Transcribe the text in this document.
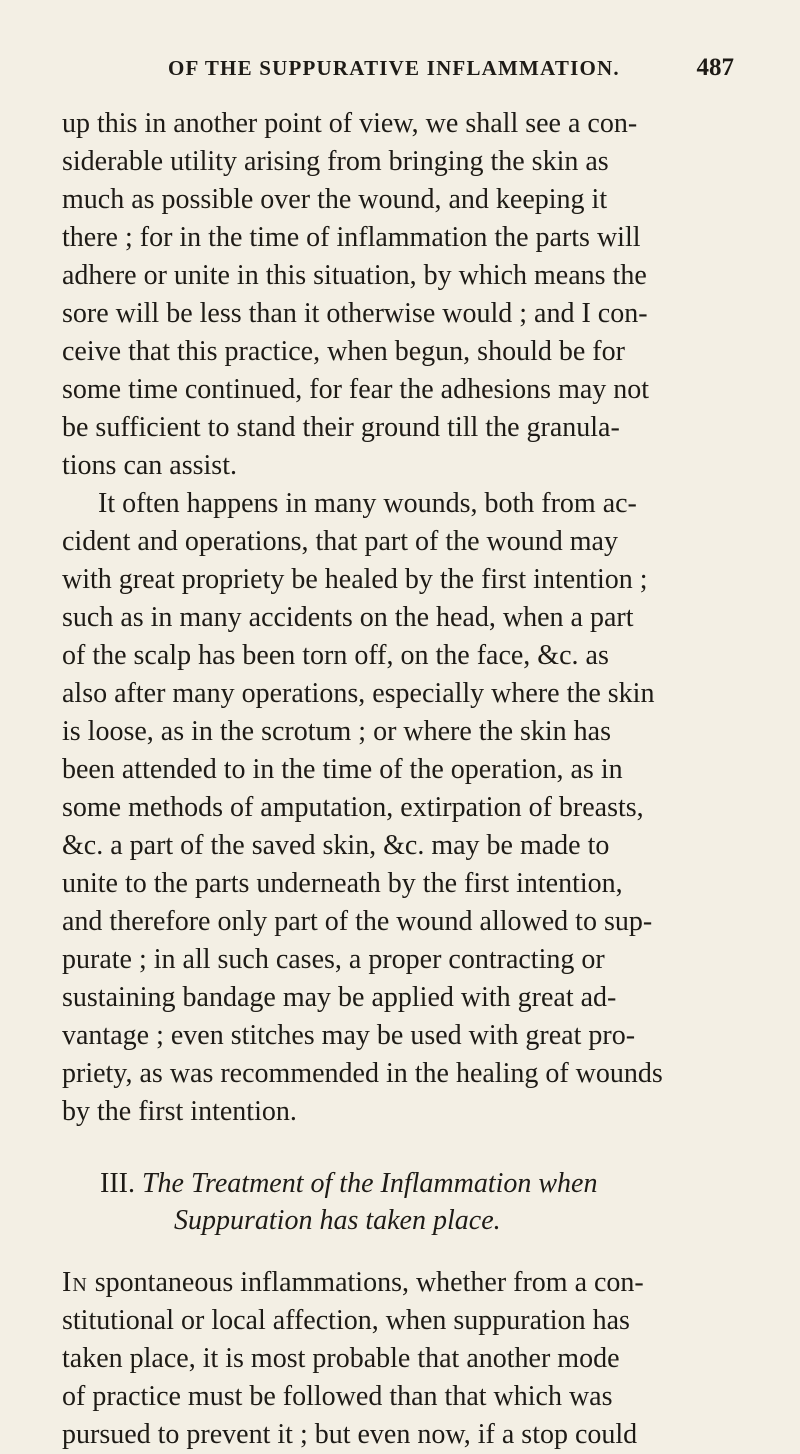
OF THE SUPPURATIVE INFLAMMATION.	487
up this in another point of view, we shall see a con-
siderable utility arising from bringing the skin as
much as possible over the wound, and keeping it
there ; for in the time of inflammation the parts will
adhere or unite in this situation, by which means the
sore will be less than it otherwise would ; and I con-
ceive that this practice, when begun, should be for
some time continued, for fear the adhesions may not
be sufficient to stand their ground till the granula-
tions can assist.
It often happens in many wounds, both from ac-
cident and operations, that part of the wound may
with great propriety be healed by the first intention ;
such as in many accidents on the head, when a part
of the scalp has been torn off, on the face, &c. as
also after many operations, especially where the skin
is loose, as in the scrotum ; or where the skin has
been attended to in the time of the operation, as in
some methods of amputation, extirpation of breasts,
&c. a part of the saved skin, &c. may be made to
unite to the parts underneath by the first intention,
and therefore only part of the wound allowed to sup-
purate ; in all such cases, a proper contracting or
sustaining bandage may be applied with great ad-
vantage ; even stitches may be used with great pro-
priety, as was recommended in the healing of wounds
by the first intention.
III. The Treatment of the Inflammation when
Suppuration has taken place.
In spontaneous inflammations, whether from a con-
stitutional or local affection, when suppuration has
taken place, it is most probable that another mode
of practice must be followed than that which was
pursued to prevent it ; but even now, if a stop could
